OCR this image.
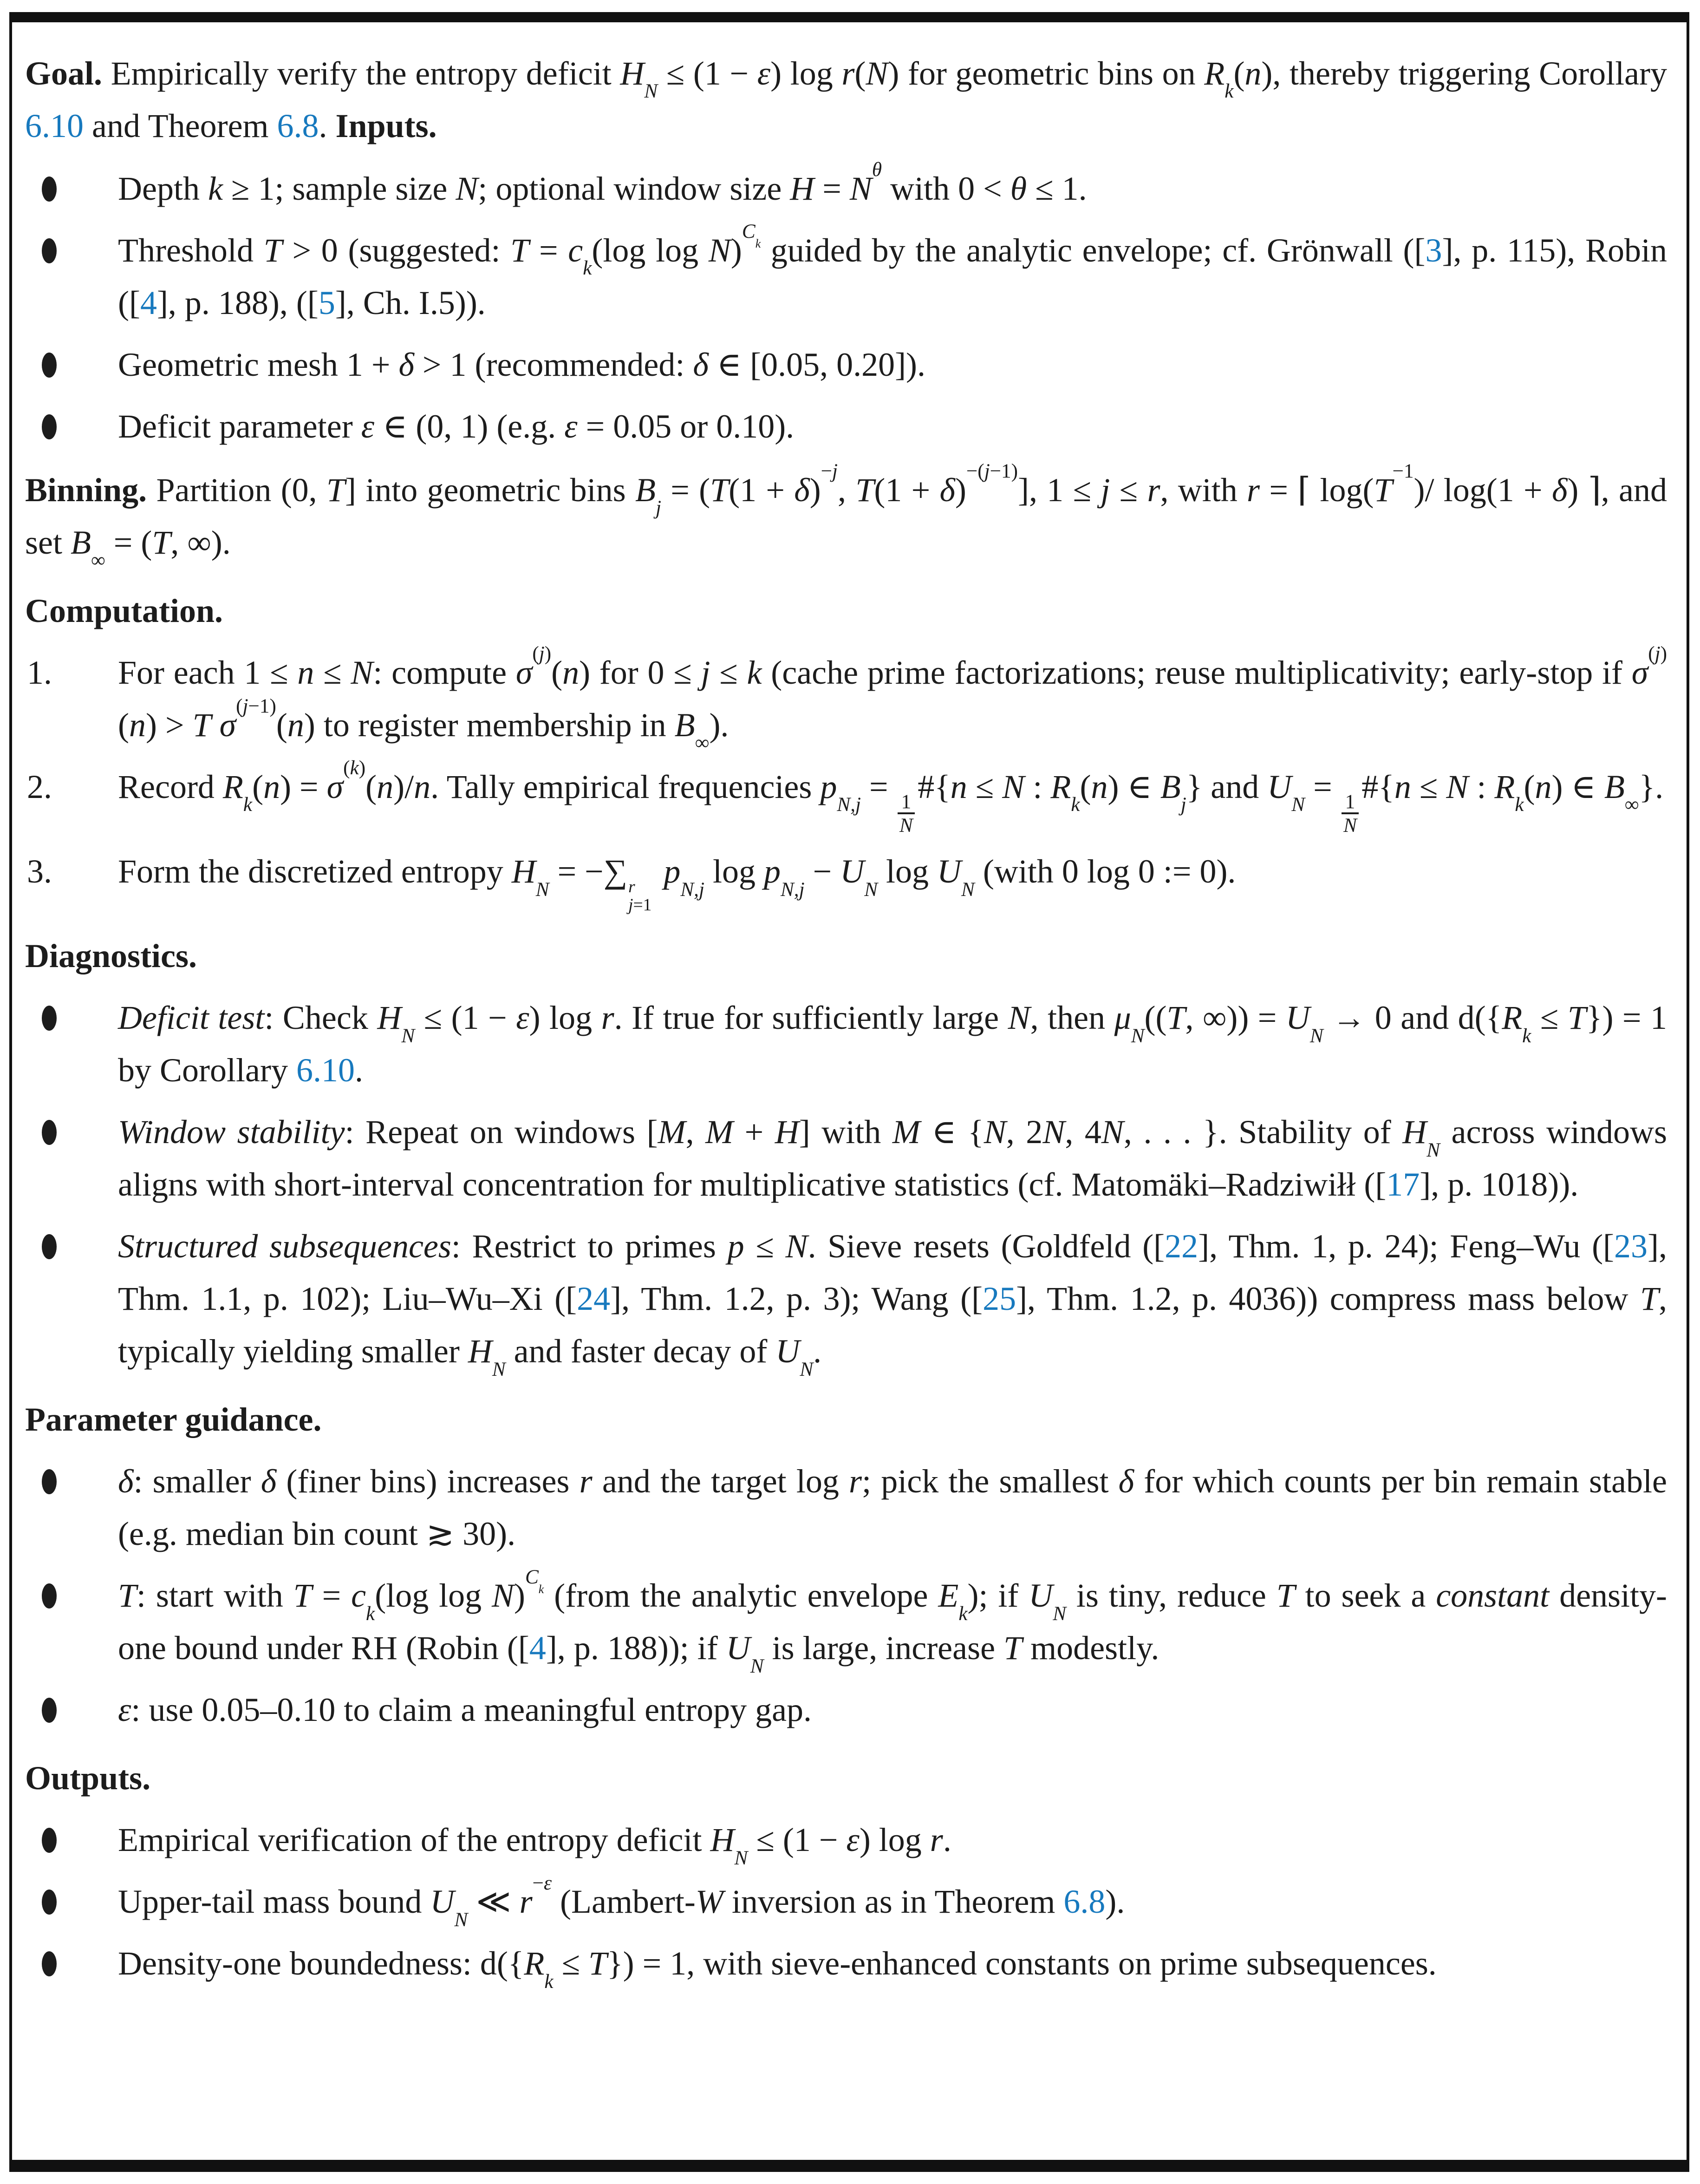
Goal. Empirically verify the entropy deficit $H_N \le (1 - \varepsilon)$ log r(N) for geometric bins on $R_k(n)$, thereby triggering Corollary 6.10 and Theorem 6.8. Inputs.
Depth k ≥ 1; sample size N; optional window size $H = N^\theta$ with 0 < θ ≤ 1.
Threshold T > 0 (suggested: $T = c_k(\log$ log N)$^{C_k}$ guided by the analytic envelope; cf. Grönwall ([3], p. 115), Robin ([4], p. 188), ([5], Ch. I.5)).
Geometric mesh 1 + δ > 1 (recommended: δ ∈ [0.05, 0.20]).
Deficit parameter ε ∈ (0, 1) (e.g. ε = 0.05 or 0.10).
Binning. Partition (0, T] into geometric bins $B_j = (T(1 + \delta)^{-j}$, $T(1 + \delta)^{-(j-1)}$], 1 ≤ j ≤ r, with r = ⌈ $\log(T^{-1})/$ log(1 + δ) ⌉, and set $B_\infty = (T$, ∞).
Computation.
1. For each 1 ≤ n ≤ N: compute $\sigma^{(j)}(n)$ for 0 ≤ j ≤ k (cache prime factorizations; reuse multiplicativity; early-stop if $\sigma^{(j)}(n) > T$ $\sigma^{(j-1)}(n)$ to register membership in $B_\infty$).
2. Record $R_k(n) = \sigma^{(k)}(n)/n$. Tally empirical frequencies $p_{N,j}$ =
$\frac{1}{N}$
#{n ≤ N : $R_k(n)$ ∈ $B_j$} and $U_N$ =
$\frac{1}{N}$
#{n ≤ N : $R_k(n)$ ∈ $B_\infty$}.
3. Form the discretized entropy $H_N$ = −∑ r
j=1
$p_{N,j}$ $\log p_{N,j} - U_N$ $\log U_N$ (with 0 log 0 := 0).
Diagnostics.
Deficit test: Check $H_N \le (1 - \varepsilon)$ log r. If true for sufficiently large N, then $\mu_N((T$, ∞)) = $U_N \to 0$ and $d(\{R_k \le T\}) = 1$ by Corollary 6.10.
Window stability: Repeat on windows [M, M + H] with M ∈ {N, 2N, 4N, . . . }. Stability of $H_N$ across windows aligns with short-interval concentration for multiplicative statistics (cf. Matomäki–Radziwiłł ([17], p. 1018)).
Structured subsequences: Restrict to primes p ≤ N. Sieve resets (Goldfeld ([22], Thm. 1, p. 24); Feng–Wu ([23], Thm. 1.1, p. 102); Liu–Wu–Xi ([24], Thm. 1.2, p. 3); Wang ([25], Thm. 1.2, p. 4036)) compress mass below T, typically yielding smaller $H_N$ and faster decay of $U_N$.
Parameter guidance.
δ: smaller δ (finer bins) increases r and the target log r; pick the smallest δ for which counts per bin remain stable (e.g. median bin count ≳ 30).
T: start with $T = c_k(\log$ log N)$^{C_k}$ (from the analytic envelope $E_k$); if $U_N$ is tiny, reduce T to seek a constant density-one bound under RH (Robin ([4], p. 188)); if $U_N$ is large, increase T modestly.
ε: use 0.05–0.10 to claim a meaningful entropy gap.
Outputs.
Empirical verification of the entropy deficit $H_N \le (1 - \varepsilon)$ log r.
Upper-tail mass bound $U_N$ ≪ $r^{-\varepsilon}$ (Lambert-W inversion as in Theorem 6.8).
Density-one boundedness: $d(\{R_k \le T\}) = 1$, with sieve-enhanced constants on prime subsequences.
